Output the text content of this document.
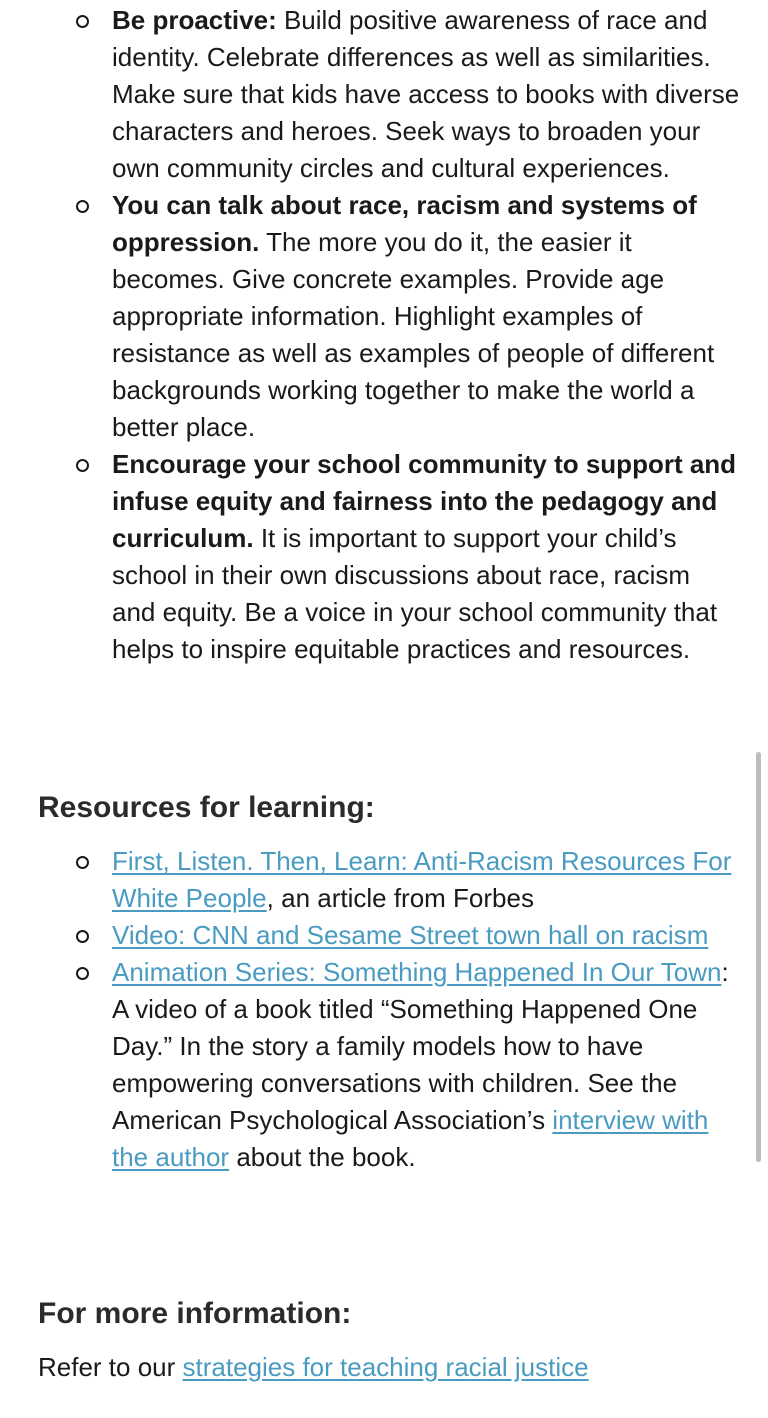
Be proactive: Build positive awareness of race and identity. Celebrate differences as well as similarities. Make sure that kids have access to books with diverse characters and heroes. Seek ways to broaden your own community circles and cultural experiences.
You can talk about race, racism and systems of oppression. The more you do it, the easier it becomes. Give concrete examples. Provide age appropriate information. Highlight examples of resistance as well as examples of people of different backgrounds working together to make the world a better place.
Encourage your school community to support and infuse equity and fairness into the pedagogy and curriculum. It is important to support your child’s school in their own discussions about race, racism and equity. Be a voice in your school community that helps to inspire equitable practices and resources.
Resources for learning:
First, Listen. Then, Learn: Anti-Racism Resources For White People, an article from Forbes
Video: CNN and Sesame Street town hall on racism
Animation Series: Something Happened In Our Town: A video of a book titled “Something Happened One Day.” In the story a family models how to have empowering conversations with children. See the American Psychological Association’s interview with the author about the book.
For more information:

Refer to our strategies for teaching racial justice
